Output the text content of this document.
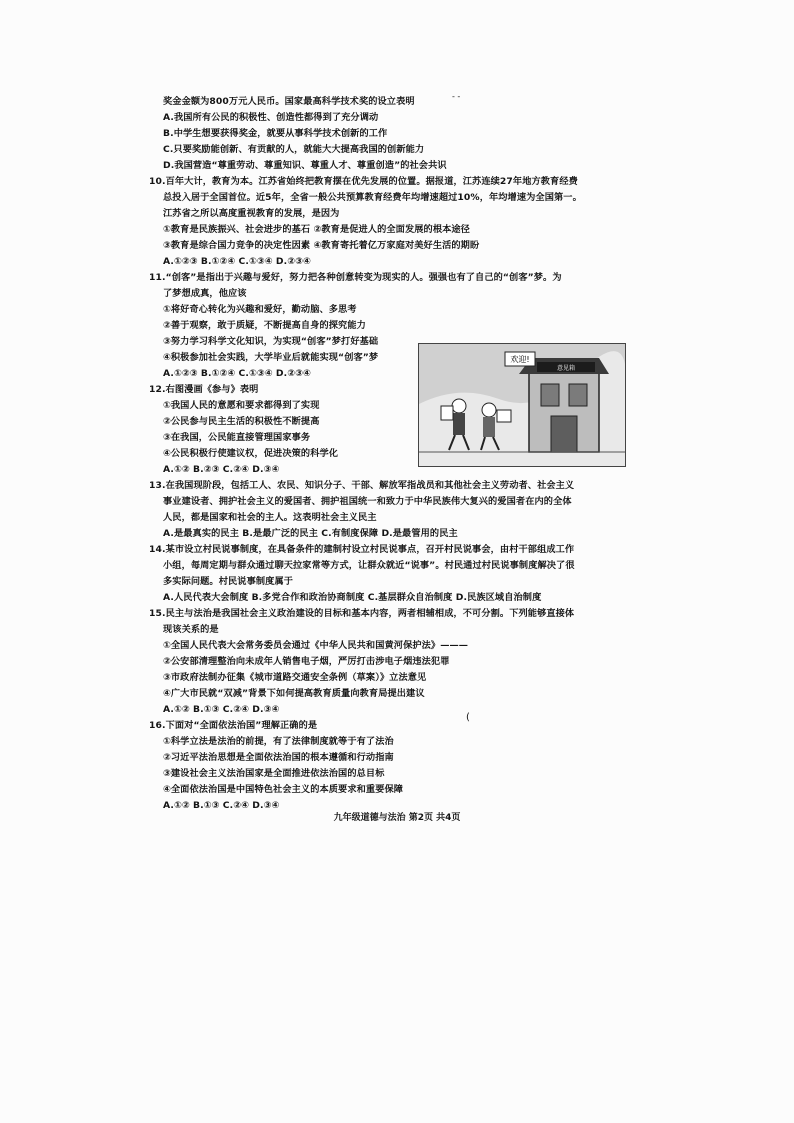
奖金金额为800万元人民币。国家最高科学技术奖的设立表明
A.我国所有公民的积极性、创造性都得到了充分调动
B.中学生想要获得奖金，就要从事科学技术创新的工作
C.只要奖励能创新、有贡献的人，就能大大提高我国的创新能力
D.我国营造“尊重劳动、尊重知识、尊重人才、尊重创造”的社会共识
10.百年大计，教育为本。江苏省始终把教育摆在优先发展的位置。据报道，江苏连续27年地方教育经费
总投入居于全国首位。近5年，全省一般公共预算教育经费年均增速超过10%，年均增速为全国第一。
江苏省之所以高度重视教育的发展，是因为
①教育是民族振兴、社会进步的基石 ②教育是促进人的全面发展的根本途径
③教育是综合国力竞争的决定性因素 ④教育寄托着亿万家庭对美好生活的期盼
A.①②③ B.①②④ C.①③④ D.②③④
11.“创客”是指出于兴趣与爱好，努力把各种创意转变为现实的人。强强也有了自己的“创客”梦。为
了梦想成真，他应该
①将好奇心转化为兴趣和爱好，勤动脑、多思考
②善于观察，敢于质疑，不断提高自身的探究能力
③努力学习科学文化知识，为实现“创客”梦打好基础
④积极参加社会实践，大学毕业后就能实现“创客”梦
A.①②③ B.①②④ C.①③④ D.②③④
12.右图漫画《参与》表明
①我国人民的意愿和要求都得到了实现
②公民参与民主生活的积极性不断提高
③在我国，公民能直接管理国家事务
④公民积极行使建议权，促进决策的科学化
A.①② B.②③ C.②④ D.③④
13.在我国现阶段，包括工人、农民、知识分子、干部、解放军指战员和其他社会主义劳动者、社会主义
事业建设者、拥护社会主义的爱国者、拥护祖国统一和致力于中华民族伟大复兴的爱国者在内的全体
人民，都是国家和社会的主人。这表明社会主义民主
A.是最真实的民主 B.是最广泛的民主 C.有制度保障 D.是最管用的民主
14.某市设立村民说事制度，在具备条件的建制村设立村民说事点，召开村民说事会，由村干部组成工作
小组，每周定期与群众通过聊天拉家常等方式，让群众就近“说事”。村民通过村民说事制度解决了很
多实际问题。村民说事制度属于
A.人民代表大会制度 B.多党合作和政治协商制度 C.基层群众自治制度 D.民族区域自治制度
15.民主与法治是我国社会主义政治建设的目标和基本内容，两者相辅相成，不可分割。下列能够直接体
现该关系的是
①全国人民代表大会常务委员会通过《中华人民共和国黄河保护法》———
②公安部清理整治向未成年人销售电子烟，严厉打击涉电子烟违法犯罪
③市政府法制办征集《城市道路交通安全条例（草案）》立法意见
④广大市民就“双减”背景下如何提高教育质量向教育局提出建议
A.①② B.①③ C.②④ D.③④
16.下面对“全面依法治国”理解正确的是
①科学立法是法治的前提，有了法律制度就等于有了法治
②习近平法治思想是全面依法治国的根本遵循和行动指南
③建设社会主义法治国家是全面推进依法治国的总目标
④全面依法治国是中国特色社会主义的本质要求和重要保障
A.①② B.①③ C.②④ D.③④
意见箱
欢迎!
(
- -
九年级道德与法治 第2页 共4页
